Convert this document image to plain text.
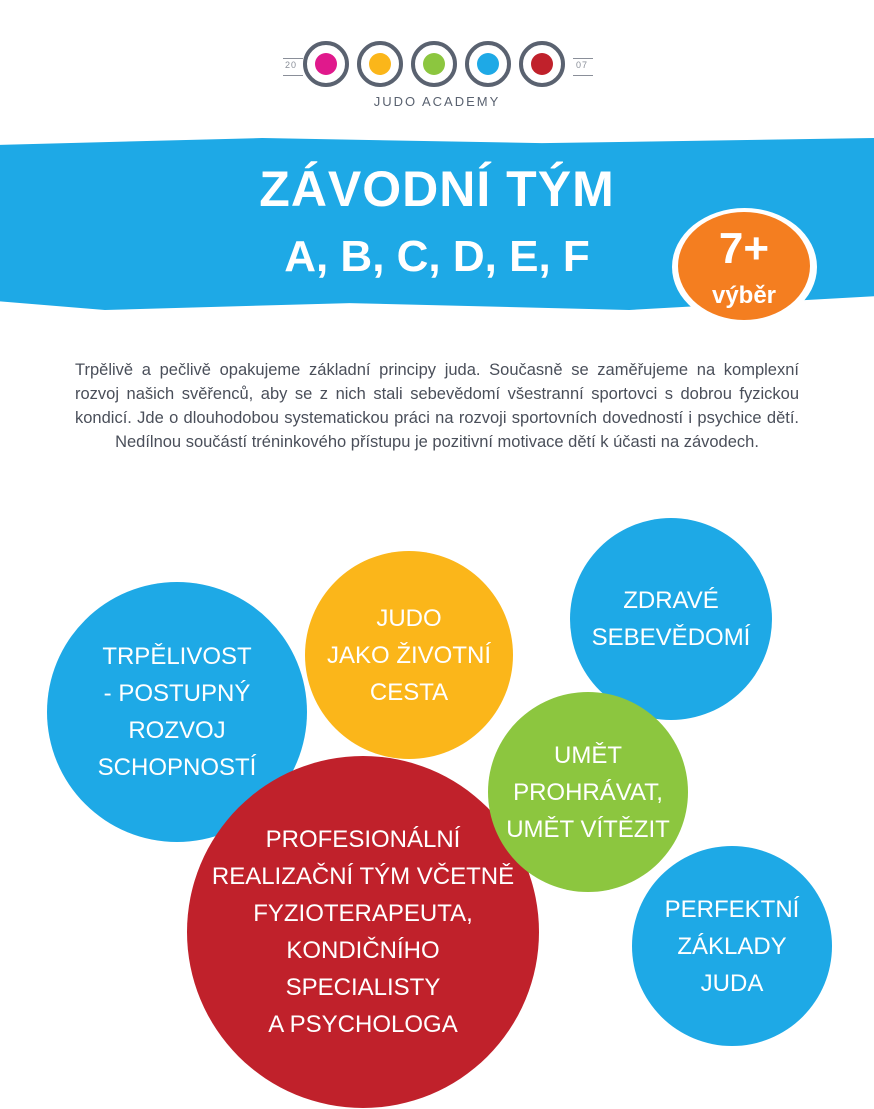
20	07
JUDO ACADEMY
ZÁVODNÍ TÝM
A, B, C, D, E, F	7+
výběr
Trpělivě a pečlivě opakujeme základní principy juda. Současně se zaměřujeme na komplexní rozvoj našich svěřenců, aby se z nich stali sebevědomí všestranní sportovci s dobrou fyzickou kondicí. Jde o dlouhodobou systematickou práci na rozvoji sportovních dovedností i psychice dětí. Nedílnou součástí tréninkového přístupu je pozitivní motivace dětí k účasti na závodech.
TRPĚLIVOST
- POSTUPNÝ
ROZVOJ
SCHOPNOSTÍ
JUDO
JAKO ŽIVOTNÍ
CESTA
ZDRAVÉ
SEBEVĚDOMÍ
PROFESIONÁLNÍ
REALIZAČNÍ TÝM VČETNĚ
FYZIOTERAPEUTA,
KONDIČNÍHO
SPECIALISTY
A PSYCHOLOGA
UMĚT
PROHRÁVAT,
UMĚT VÍTĚZIT
PERFEKTNÍ
ZÁKLADY
JUDA
